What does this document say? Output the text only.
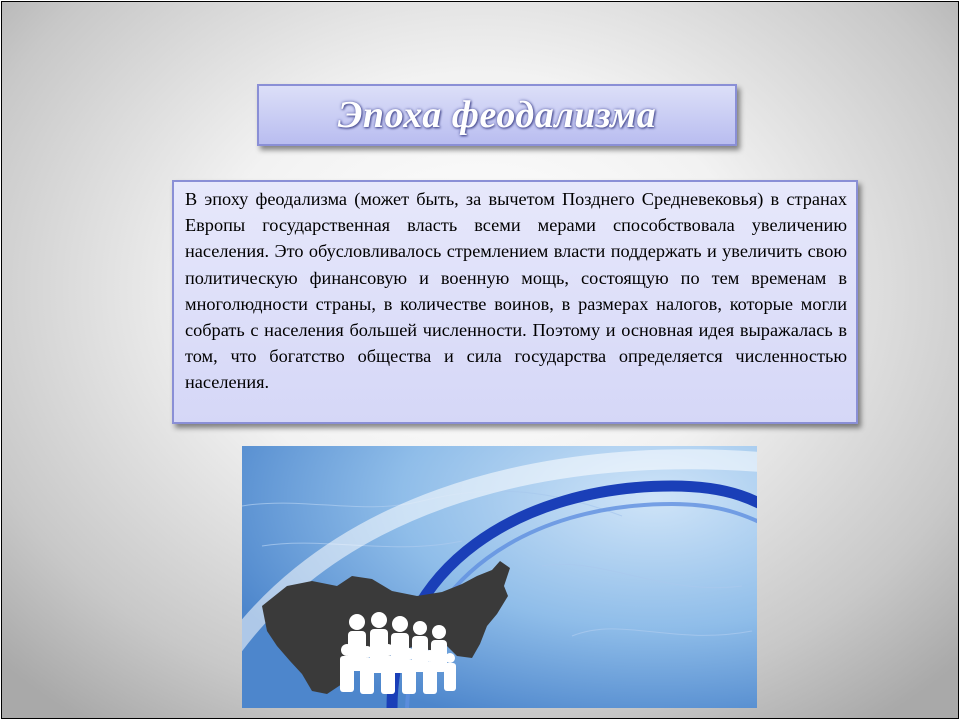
Эпоха феодализма

В эпоху феодализма (может быть, за вычетом Позднего Средневековья) в странах Европы государственная власть всеми мерами способствовала увеличению населения. Это обусловливалось стремлением власти поддержать и увеличить свою политическую финансовую и военную мощь, состоящую по тем временам в многолюдности страны, в количестве воинов, в размерах налогов, которые могли собрать с населения большей численности. Поэтому и основная идея выражалась в том, что богатство общества и сила государства определяется численностью населения.
